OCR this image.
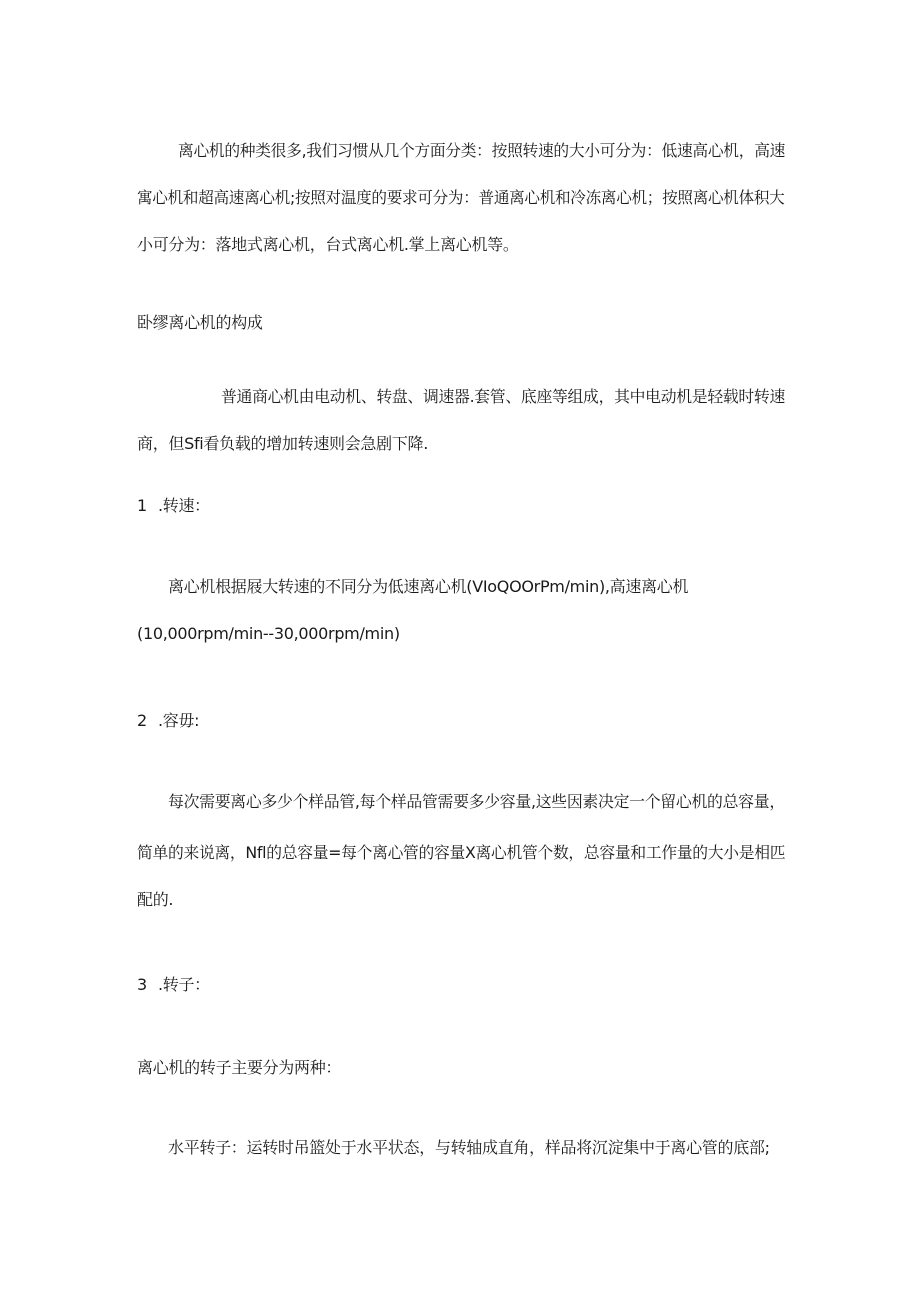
离心机的种类很多,我们习惯从几个方面分类：按照转速的大小可分为：低速高心机，高速
寓心机和超高速离心机;按照对温度的要求可分为：普通离心机和冷冻离心机；按照离心机体积大
小可分为：落地式离心机，台式离心机.掌上离心机等。
卧缪离心机的构成
普通商心机由电动机、转盘、调速器.套管、底座等组成，其中电动机是轻载时转速
商，但Sfi看负载的增加转速则会急剧下降.
1 .转速：
离心机根据屐大转速的不同分为低速离心机(VIoQOOrPm∕min),高速离心机
(10,000rpm∕min--30,000rpm∕min)
2 .容毋:
每次需要离心多少个样品管,每个样品管需要多少容量,这些因素决定一个留心机的总容量，
简单的来说离，Nfl的总容量=每个离心管的容量X离心机管个数，总容量和工作量的大小是相匹
配的.
3 .转子：
离心机的转子主要分为两种：
水平转子：运转时吊篮处于水平状态，与转轴成直角，样品将沉淀集中于离心管的底部;
